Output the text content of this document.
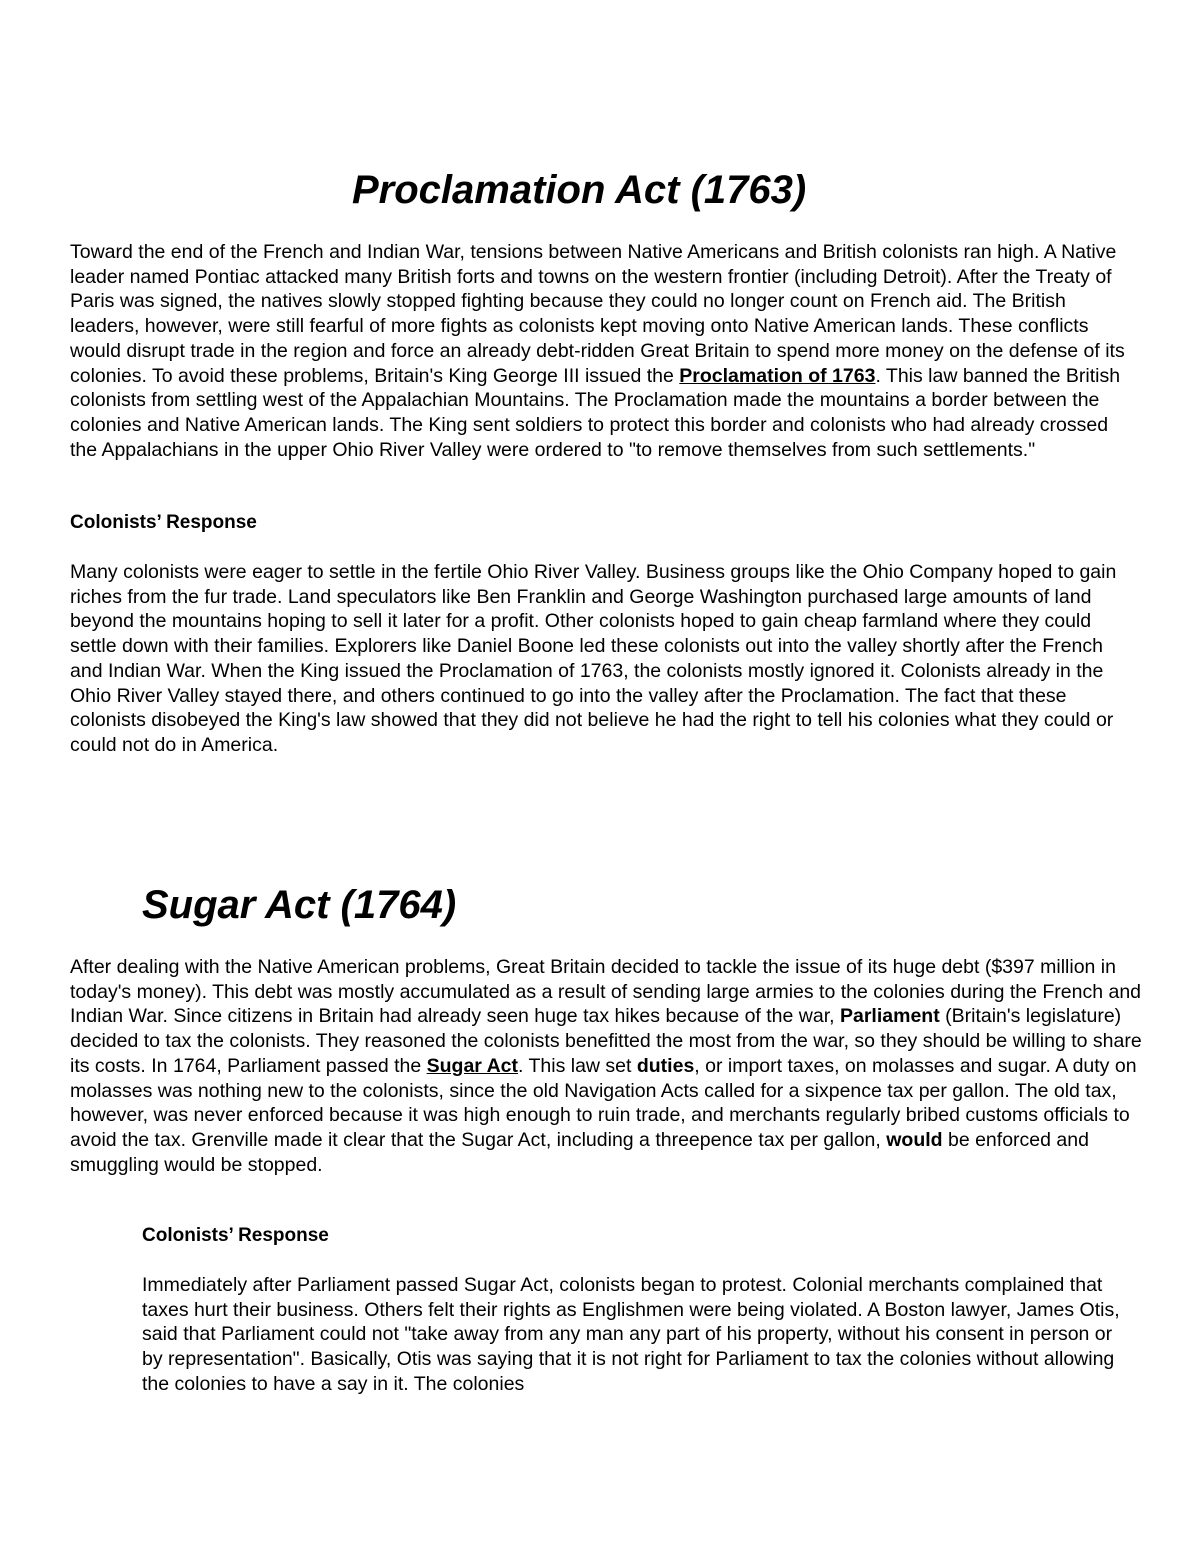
Proclamation Act (1763)

Toward the end of the French and Indian War, tensions between Native Americans and British colonists ran high. A Native leader named Pontiac attacked many British forts and towns on the western frontier (including Detroit). After the Treaty of Paris was signed, the natives slowly stopped fighting because they could no longer count on French aid. The British leaders, however, were still fearful of more fights as colonists kept moving onto Native American lands. These conflicts would disrupt trade in the region and force an already debt-ridden Great Britain to spend more money on the defense of its colonies. To avoid these problems, Britain's King George III issued the Proclamation of 1763. This law banned the British colonists from settling west of the Appalachian Mountains. The Proclamation made the mountains a border between the colonies and Native American lands. The King sent soldiers to protect this border and colonists who had already crossed the Appalachians in the upper Ohio River Valley were ordered to "to remove themselves from such settlements."

Colonists’ Response

Many colonists were eager to settle in the fertile Ohio River Valley. Business groups like the Ohio Company hoped to gain riches from the fur trade. Land speculators like Ben Franklin and George Washington purchased large amounts of land beyond the mountains hoping to sell it later for a profit. Other colonists hoped to gain cheap farmland where they could settle down with their families. Explorers like Daniel Boone led these colonists out into the valley shortly after the French and Indian War. When the King issued the Proclamation of 1763, the colonists mostly ignored it. Colonists already in the Ohio River Valley stayed there, and others continued to go into the valley after the Proclamation. The fact that these colonists disobeyed the King's law showed that they did not believe he had the right to tell his colonies what they could or could not do in America.

Sugar Act (1764)

After dealing with the Native American problems, Great Britain decided to tackle the issue of its huge debt ($397 million in today's money). This debt was mostly accumulated as a result of sending large armies to the colonies during the French and Indian War. Since citizens in Britain had already seen huge tax hikes because of the war, Parliament (Britain's legislature) decided to tax the colonists. They reasoned the colonists benefitted the most from the war, so they should be willing to share its costs. In 1764, Parliament passed the Sugar Act. This law set duties, or import taxes, on molasses and sugar. A duty on molasses was nothing new to the colonists, since the old Navigation Acts called for a sixpence tax per gallon. The old tax, however, was never enforced because it was high enough to ruin trade, and merchants regularly bribed customs officials to avoid the tax. Grenville made it clear that the Sugar Act, including a threepence tax per gallon, would be enforced and smuggling would be stopped.

Colonists’ Response

Immediately after Parliament passed Sugar Act, colonists began to protest. Colonial merchants complained that taxes hurt their business. Others felt their rights as Englishmen were being violated. A Boston lawyer, James Otis, said that Parliament could not "take away from any man any part of his property, without his consent in person or by representation". Basically, Otis was saying that it is not right for Parliament to tax the colonies without allowing the colonies to have a say in it. The colonies
